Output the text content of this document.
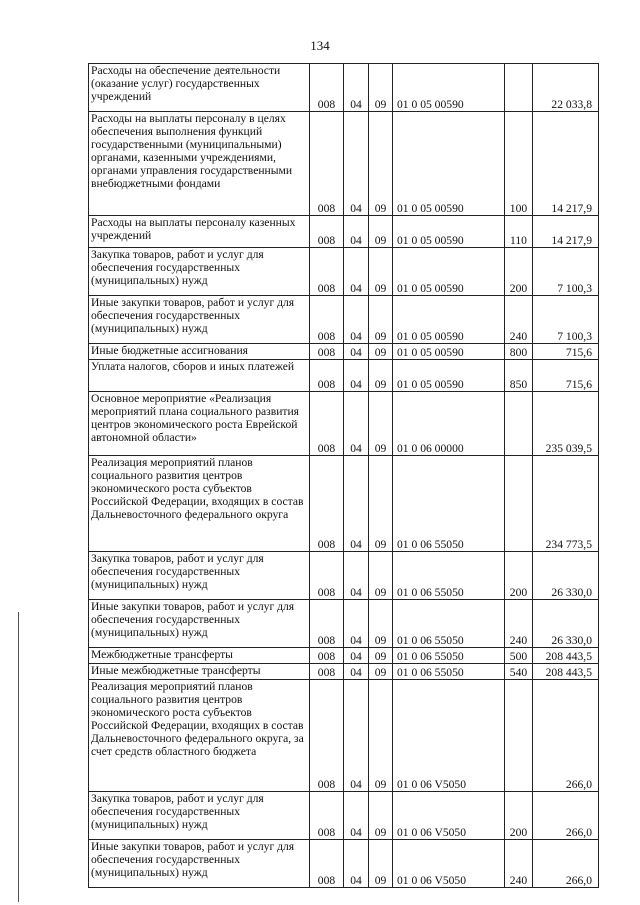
134
Расходы на обеспечение деятельности (оказание услуг) государственных учреждений	008	04	09	01 0 05 00590		22 033,8
Расходы на выплаты персоналу в целях обеспечения выполнения функций государственными (муниципальными) органами, казенными учреждениями, органами управления государственными внебюджетными фондами	008	04	09	01 0 05 00590	100	14 217,9
Расходы на выплаты персоналу казенных учреждений	008	04	09	01 0 05 00590	110	14 217,9
Закупка товаров, работ и услуг для обеспечения государственных (муниципальных) нужд	008	04	09	01 0 05 00590	200	7 100,3
Иные закупки товаров, работ и услуг для обеспечения государственных (муниципальных) нужд	008	04	09	01 0 05 00590	240	7 100,3
Иные бюджетные ассигнования	008	04	09	01 0 05 00590	800	715,6
Уплата налогов, сборов и иных платежей	008	04	09	01 0 05 00590	850	715,6
Основное мероприятие «Реализация мероприятий плана социального развития центров экономического роста Еврейской автономной области»	008	04	09	01 0 06 00000		235 039,5
Реализация мероприятий планов социального развития центров экономического роста субъектов Российской Федерации, входящих в состав Дальневосточного федерального округа	008	04	09	01 0 06 55050		234 773,5
Закупка товаров, работ и услуг для обеспечения государственных (муниципальных) нужд	008	04	09	01 0 06 55050	200	26 330,0
Иные закупки товаров, работ и услуг для обеспечения государственных (муниципальных) нужд	008	04	09	01 0 06 55050	240	26 330,0
Межбюджетные трансферты	008	04	09	01 0 06 55050	500	208 443,5
Иные межбюджетные трансферты	008	04	09	01 0 06 55050	540	208 443,5
Реализация мероприятий планов социального развития центров экономического роста субъектов Российской Федерации, входящих в состав Дальневосточного федерального округа, за счет средств областного бюджета	008	04	09	01 0 06 V5050		266,0
Закупка товаров, работ и услуг для обеспечения государственных (муниципальных) нужд	008	04	09	01 0 06 V5050	200	266,0
Иные закупки товаров, работ и услуг для обеспечения государственных (муниципальных) нужд	008	04	09	01 0 06 V5050	240	266,0
